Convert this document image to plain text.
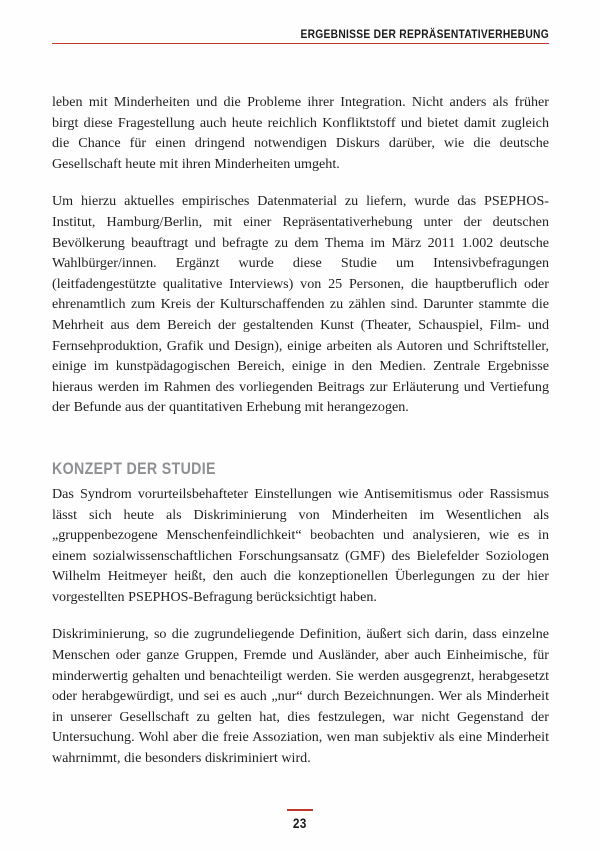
ERGEBNISSE DER REPRÄSENTATIVERHEBUNG

leben mit Minderheiten und die Probleme ihrer Integration. Nicht anders als früher birgt diese Fragestellung auch heute reichlich Konfliktstoff und bietet damit zugleich die Chance für einen dringend notwendigen Diskurs darüber, wie die deutsche Gesellschaft heute mit ihren Minderheiten umgeht.

Um hierzu aktuelles empirisches Datenmaterial zu liefern, wurde das PSEPHOS-Institut, Hamburg/Berlin, mit einer Repräsentativerhebung unter der deutschen Bevölkerung beauftragt und befragte zu dem Thema im März 2011 1.002 deutsche Wahlbürger/innen. Ergänzt wurde diese Studie um Intensivbefragungen (leitfadengestützte qualitative Interviews) von 25 Personen, die hauptberuflich oder ehrenamtlich zum Kreis der Kulturschaffenden zu zählen sind. Darunter stammte die Mehrheit aus dem Bereich der gestaltenden Kunst (Theater, Schauspiel, Film- und Fernsehproduktion, Grafik und Design), einige arbeiten als Autoren und Schriftsteller, einige im kunstpädagogischen Bereich, einige in den Medien. Zentrale Ergebnisse hieraus werden im Rahmen des vorliegenden Beitrags zur Erläuterung und Vertiefung der Befunde aus der quantitativen Erhebung mit herangezogen.

KONZEPT DER STUDIE

Das Syndrom vorurteilsbehafteter Einstellungen wie Antisemitismus oder Rassismus lässt sich heute als Diskriminierung von Minderheiten im Wesentlichen als „gruppenbezogene Menschenfeindlichkeit“ beobachten und analysieren, wie es in einem sozialwissenschaftlichen Forschungsansatz (GMF) des Bielefelder Soziologen Wilhelm Heitmeyer heißt, den auch die konzeptionellen Überlegungen zu der hier vorgestellten PSEPHOS-Befragung berücksichtigt haben.

Diskriminierung, so die zugrundeliegende Definition, äußert sich darin, dass einzelne Menschen oder ganze Gruppen, Fremde und Ausländer, aber auch Einheimische, für minderwertig gehalten und benachteiligt werden. Sie werden ausgegrenzt, herabgesetzt oder herabgewürdigt, und sei es auch „nur“ durch Bezeichnungen. Wer als Minderheit in unserer Gesellschaft zu gelten hat, dies festzulegen, war nicht Gegenstand der Untersuchung. Wohl aber die freie Assoziation, wen man subjektiv als eine Minderheit wahrnimmt, die besonders diskriminiert wird.

23
